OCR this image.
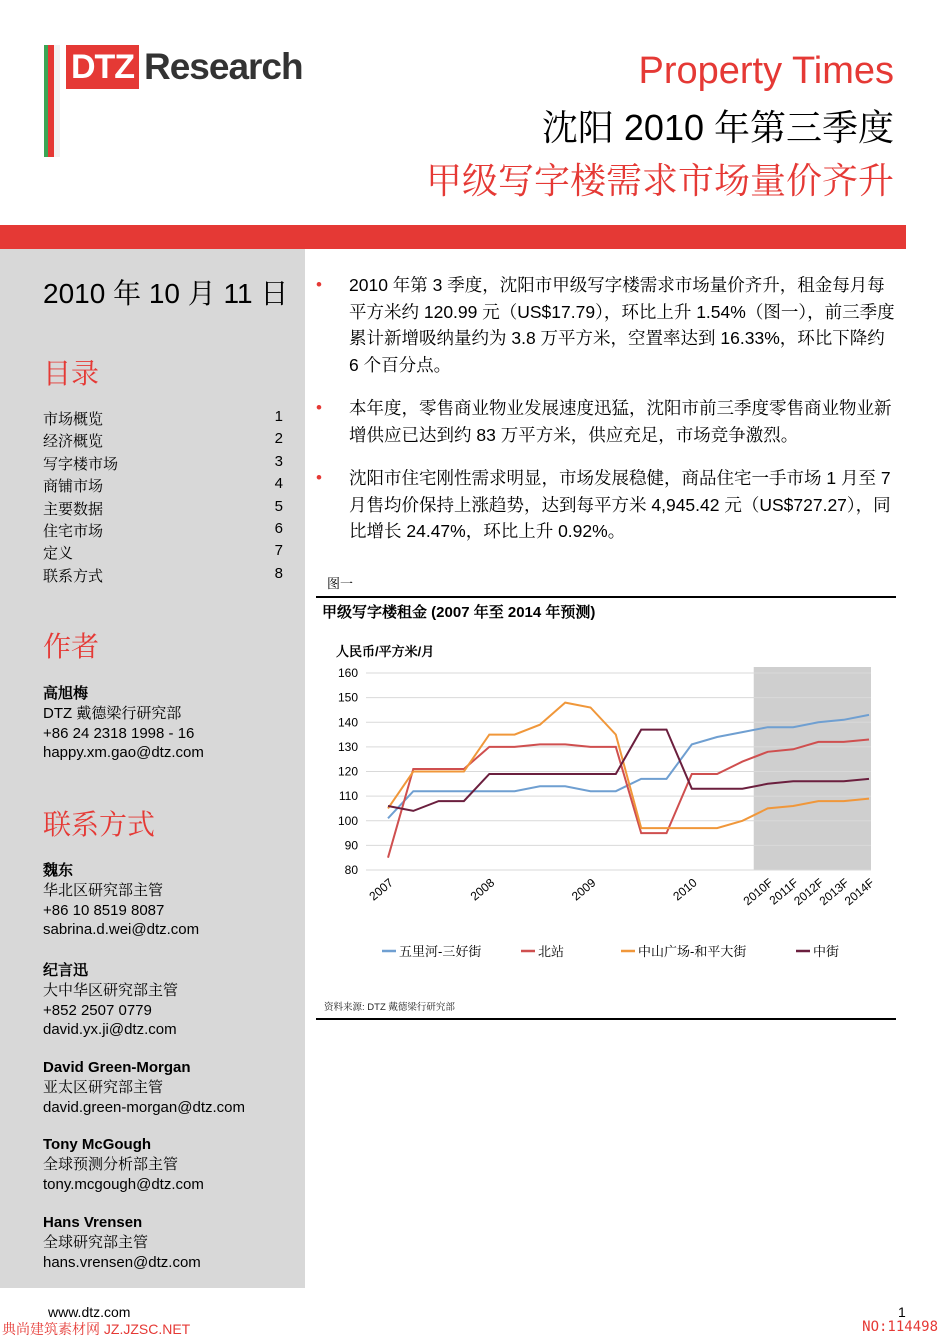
DTZ Research	Property Times
沈阳 2010 年第三季度
甲级写字楼需求市场量价齐升
2010 年 10 月 11 日
目录
市场概览	1
经济概览	2
写字楼市场	3
商铺市场	4
主要数据	5
住宅市场	6
定义	7
联系方式	8
作者
高旭梅
DTZ 戴德梁行研究部
+86 24 2318 1998 - 16
happy.xm.gao@dtz.com
联系方式
魏东
华北区研究部主管
+86 10 8519 8087
sabrina.d.wei@dtz.com
纪言迅
大中华区研究部主管
+852 2507 0779
david.yx.ji@dtz.com
David Green-Morgan
亚太区研究部主管
david.green-morgan@dtz.com
Tony McGough
全球预测分析部主管
tony.mcgough@dtz.com
Hans Vrensen
全球研究部主管
hans.vrensen@dtz.com
• 2010 年第 3 季度，沈阳市甲级写字楼需求市场量价齐升，租金每月每平方米约 120.99 元（US$17.79），环比上升 1.54%（图一），前三季度累计新增吸纳量约为 3.8 万平方米，空置率达到 16.33%，环比下降约 6 个百分点。
• 本年度，零售商业物业发展速度迅猛，沈阳市前三季度零售商业物业新增供应已达到约 83 万平方米，供应充足，市场竞争激烈。
• 沈阳市住宅刚性需求明显，市场发展稳健，商品住宅一手市场 1 月至 7 月售均价保持上涨趋势，达到每平方米 4,945.42 元（US$727.27），同比增长 24.47%，环比上升 0.92%。
图一
甲级写字楼租金 (2007 年至 2014 年预测)
人民币/平方米/月
80
90
100
110
120
130
140
150
160
2007	2008	2009	2010	2010F
2011F
2012F
2013F
2014F
五里河-三好街	北站	中山广场-和平大街	中街
资料来源: DTZ 戴德梁行研究部
www.dtz.com	1
典尚建筑素材网 JZ.JZSC.NET	NO:114498
